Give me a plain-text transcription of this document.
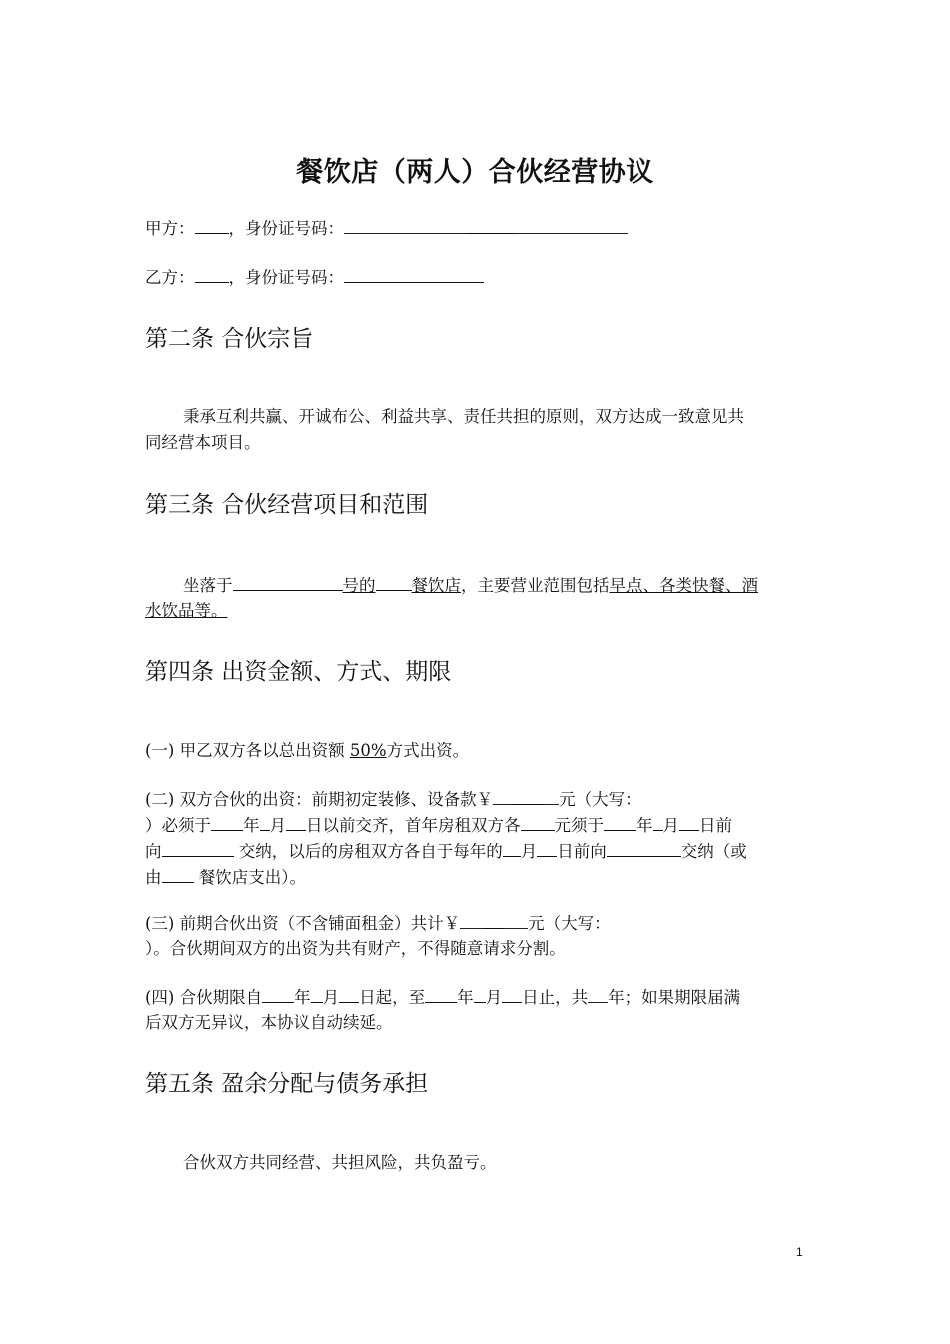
餐饮店（两人）合伙经营协议
甲方： ，身份证号码：
乙方： ，身份证号码：
第二条 合伙宗旨
秉承互利共赢、开诚布公、利益共享、责任共担的原则，双方达成一致意见共
同经营本项目。
第三条 合伙经营项目和范围
坐落于	号的 餐饮店，主要营业范围包括早点、各类快餐、酒
水饮品等。
第四条 出资金额、方式、期限
(一) 甲乙双方各以总出资额 50%方式出资。
(二) 双方合伙的出资：前期初定装修、设备款￥	元（大写：
）必须于 年 月 日以前交齐，首年房租双方各 元须于 年 月 日前
向	交纳，以后的房租双方各自于每年的 月 日前向	交纳（或
由 餐饮店支出）。
(三) 前期合伙出资（不含铺面租金）共计￥	元（大写：
）。合伙期间双方的出资为共有财产，不得随意请求分割。
(四) 合伙期限自 年 月 日起，至 年 月 日止，共 年；如果期限届满
后双方无异议，本协议自动续延。
第五条 盈余分配与债务承担
合伙双方共同经营、共担风险，共负盈亏。
1
